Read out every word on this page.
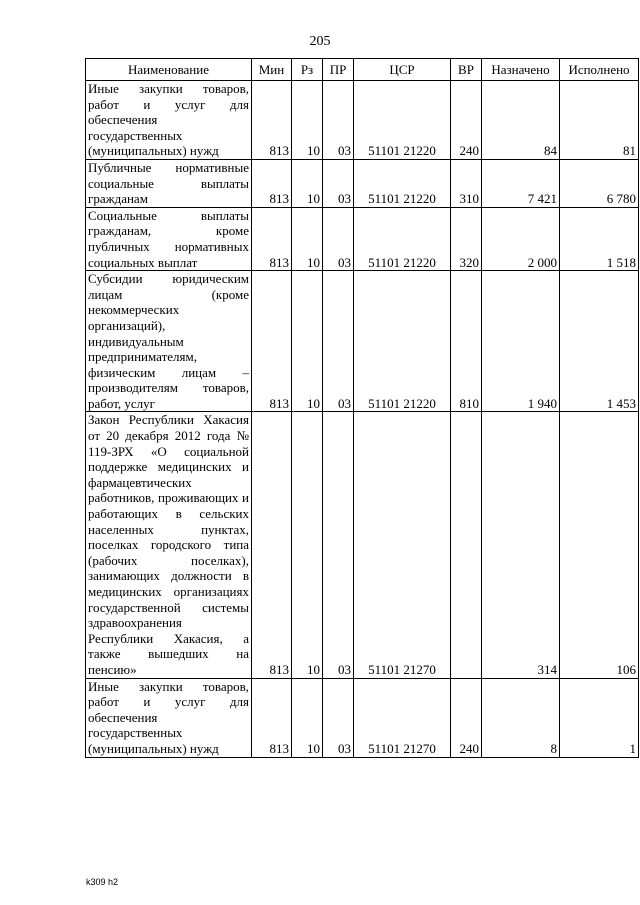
205
Наименование	Мин	Рз	ПР	ЦСР	ВР	Назначено	Исполнено
Иные закупки товаров, работ и услуг для обеспечения государственных (муниципальных) нужд	813	10	03	51101 21220	240	84	81
Публичные нормативные социальные выплаты гражданам	813	10	03	51101 21220	310	7 421	6 780
Социальные выплаты гражданам, кроме публичных нормативных социальных выплат	813	10	03	51101 21220	320	2 000	1 518
Субсидии юридическим лицам (кроме некоммерческих организаций), индивидуальным предпринимателям, физическим лицам – производителям товаров, работ, услуг	813	10	03	51101 21220	810	1 940	1 453
Закон Республики Хакасия от 20 декабря 2012 года № 119-ЗРХ «О социальной поддержке медицинских и фармацевтических работников, проживающих и работающих в сельских населенных пунктах, поселках городского типа (рабочих поселках), занимающих должности в медицинских организациях государственной системы здравоохранения Республики Хакасия, а также вышедших на пенсию»	813	10	03	51101 21270		314	106
Иные закупки товаров, работ и услуг для обеспечения государственных (муниципальных) нужд	813	10	03	51101 21270	240	8	1
k309 h2
